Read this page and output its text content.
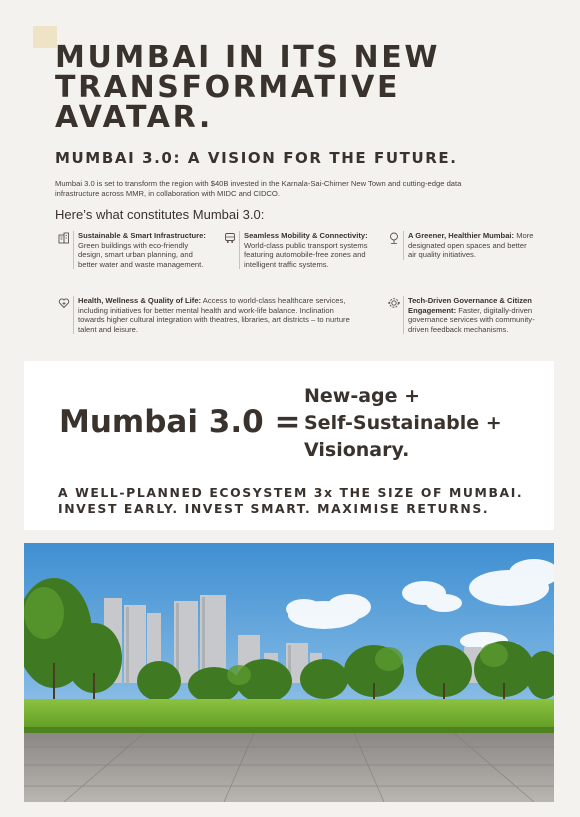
MUMBAI IN ITS NEW
TRANSFORMATIVE
AVATAR.
MUMBAI 3.0: A VISION FOR THE FUTURE.

Mumbai 3.0 is set to transform the region with $40B invested in the Karnala-Sai-Chirner New Town and cutting-edge data infrastructure across MMR, in collaboration with MIDC and CIDCO.

Here’s what constitutes Mumbai 3.0:
Sustainable & Smart Infrastructure: Green buildings with eco-friendly design, smart urban planning, and better water and waste management.
Seamless Mobility & Connectivity: World-class public transport systems featuring automobile-free zones and intelligent traffic systems.
A Greener, Healthier Mumbai: More designated open spaces and better air quality initiatives.
Health, Wellness & Quality of Life: Access to world-class healthcare services, including initiatives for better mental health and work-life balance. Inclination towards higher cultural integration with theatres, libraries, art districts – to nurture talent and leisure.
Tech-Driven Governance & Citizen Engagement: Faster, digitally-driven governance services with community-driven feedback mechanisms.
Mumbai 3.0 =
New-age +
Self-Sustainable +
Visionary.
A WELL-PLANNED ECOSYSTEM 3x THE SIZE OF MUMBAI.
INVEST EARLY. INVEST SMART. MAXIMISE RETURNS.
